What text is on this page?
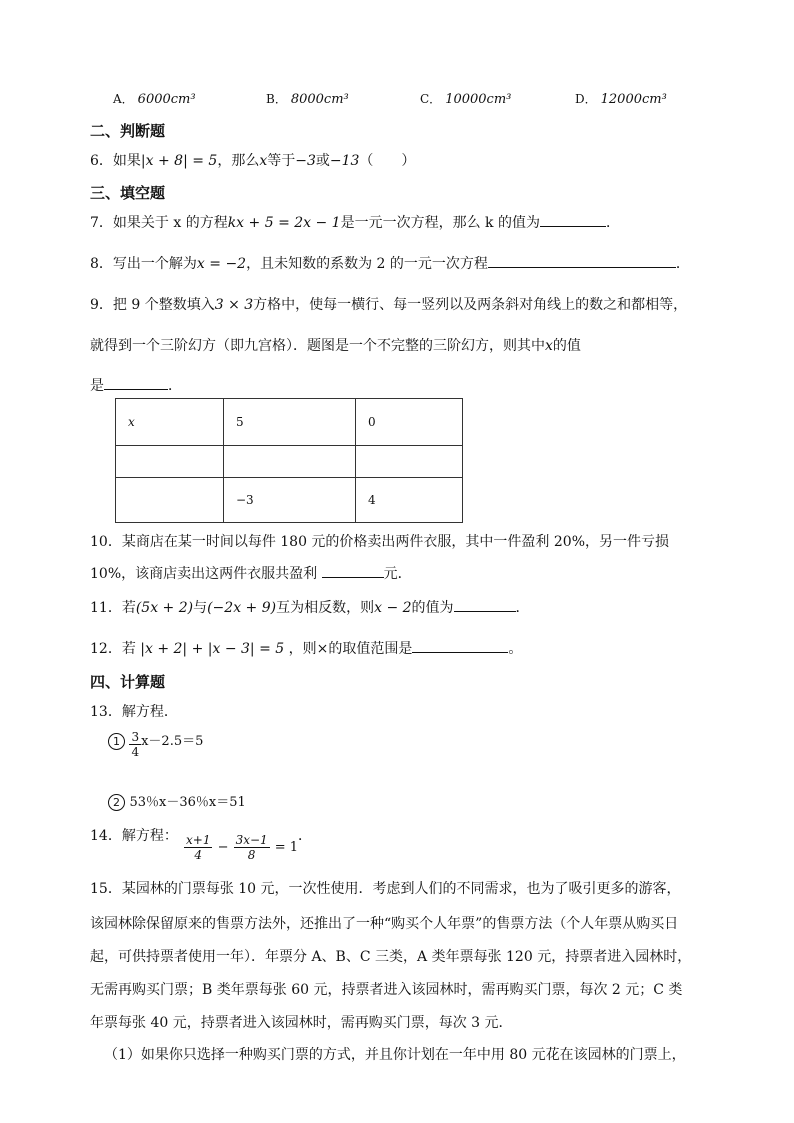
A． 6000cm³	B． 8000cm³	C． 10000cm³	D． 12000cm³
二、判断题
6．如果|x + 8| = 5，那么x等于−3或−13（　　）
三、填空题
7．如果关于 x 的方程kx + 5 = 2x − 1是一元一次方程，那么 k 的值为	．
8．写出一个解为x = −2，且未知数的系数为 2 的一元一次方程	．
9．把 9 个整数填入3 × 3方格中，使每一横行、每一竖列以及两条斜对角线上的数之和都相等，
就得到一个三阶幻方（即九宫格）．题图是一个不完整的三阶幻方，则其中x的值
是	．
x	5	0

	−3	4
10．某商店在某一时间以每件 180 元的价格卖出两件衣服，其中一件盈利 20%，另一件亏损
10%，该商店卖出这两件衣服共盈利	元．
11．若(5x + 2)与(−2x + 9)互为相反数，则x − 2的值为	．
12．若 |x + 2| + |x − 3| = 5 ，则×的取值范围是	。
四、计算题
13．解方程．
$1 \frac{3}{4} x-2.5=5$
2 53％x－36％x＝51
14．解方程： $\frac{x+1}{4} - \frac{3x-1}{8} = 1$
．
15．某园林的门票每张 10 元，一次性使用．考虑到人们的不同需求，也为了吸引更多的游客，
该园林除保留原来的售票方法外，还推出了一种“购买个人年票”的售票方法（个人年票从购买日
起，可供持票者使用一年）．年票分 A、B、C 三类，A 类年票每张 120 元，持票者进入园林时，
无需再购买门票；B 类年票每张 60 元，持票者进入该园林时，需再购买门票，每次 2 元；C 类
年票每张 40 元，持票者进入该园林时，需再购买门票，每次 3 元．
（1）如果你只选择一种购买门票的方式，并且你计划在一年中用 80 元花在该园林的门票上，
